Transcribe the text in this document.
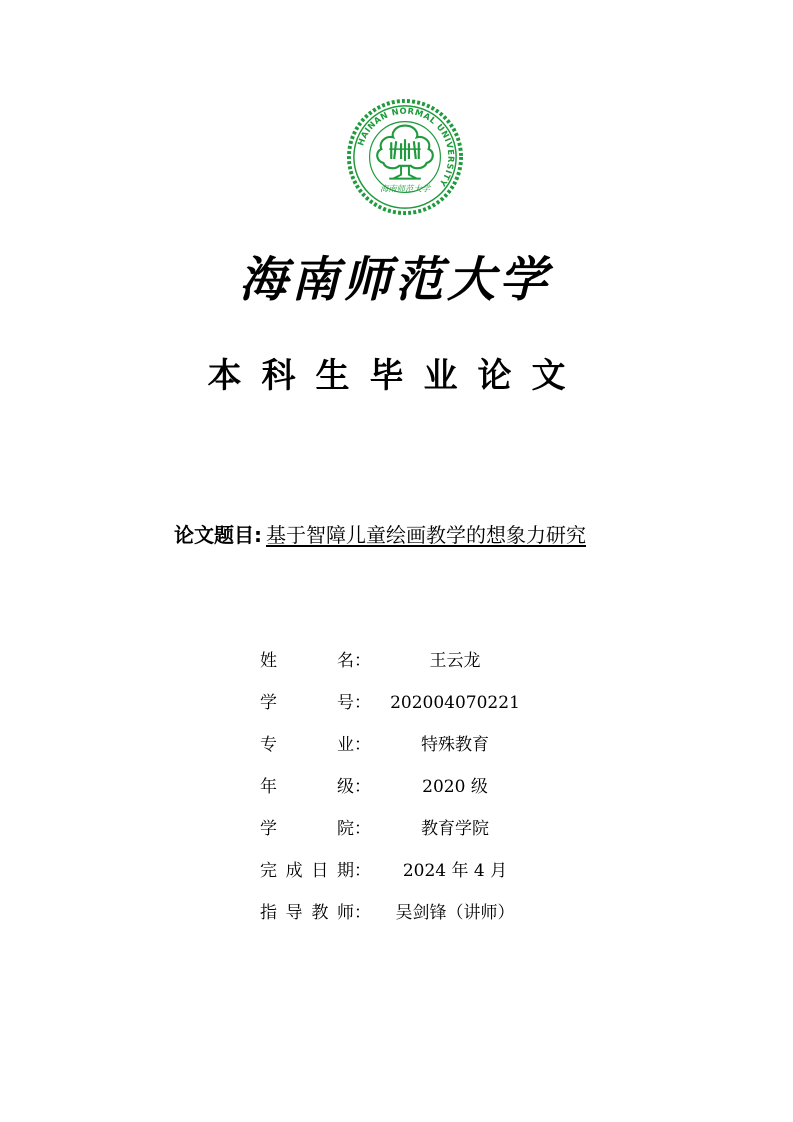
HAINAN NORMAL UNIVERSITY
海南师范大学
海南师范大学
本科生毕业论文
论文题目: 基于智障儿童绘画教学的想象力研究
姓名 ：	王云龙
学号 ：	202004070221
专业 ：	特殊教育
年级 ：	2020 级
学院 ：	教育学院
完成日期 ：	2024 年 4 月
指导教师 ：	吴剑锋（讲师）
